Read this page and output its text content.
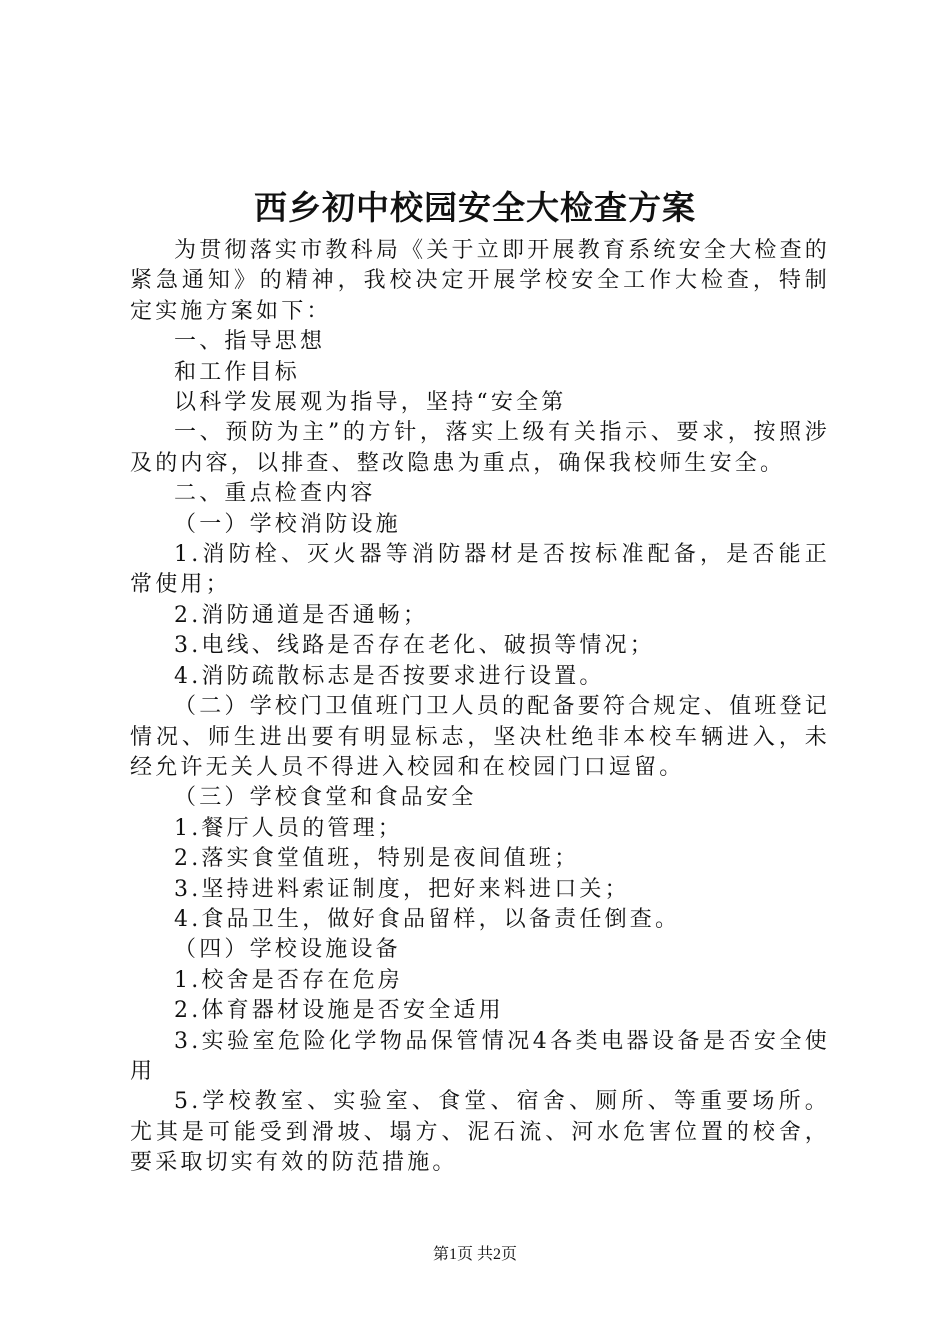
西乡初中校园安全大检查方案

为贯彻落实市教科局《关于立即开展教育系统安全大检查的紧急通知》的精神，我校决定开展学校安全工作大检查，特制定实施方案如下：

一、指导思想

和工作目标

以科学发展观为指导，坚持“安全第

一、预防为主”的方针，落实上级有关指示、要求，按照涉及的内容，以排查、整改隐患为重点，确保我校师生安全。

二、重点检查内容

（一）学校消防设施

1.消防栓、灭火器等消防器材是否按标准配备，是否能正常使用；

2.消防通道是否通畅；

3.电线、线路是否存在老化、破损等情况；

4.消防疏散标志是否按要求进行设置。

（二）学校门卫值班门卫人员的配备要符合规定、值班登记情况、师生进出要有明显标志，坚决杜绝非本校车辆进入，未经允许无关人员不得进入校园和在校园门口逗留。

（三）学校食堂和食品安全

1.餐厅人员的管理；

2.落实食堂值班，特别是夜间值班；

3.坚持进料索证制度，把好来料进口关；

4.食品卫生，做好食品留样，以备责任倒查。

（四）学校设施设备

1.校舍是否存在危房

2.体育器材设施是否安全适用

3.实验室危险化学物品保管情况4各类电器设备是否安全使用

5.学校教室、实验室、食堂、宿舍、厕所、等重要场所。尤其是可能受到滑坡、塌方、泥石流、河水危害位置的校舍，要采取切实有效的防范措施。

第1页 共2页
